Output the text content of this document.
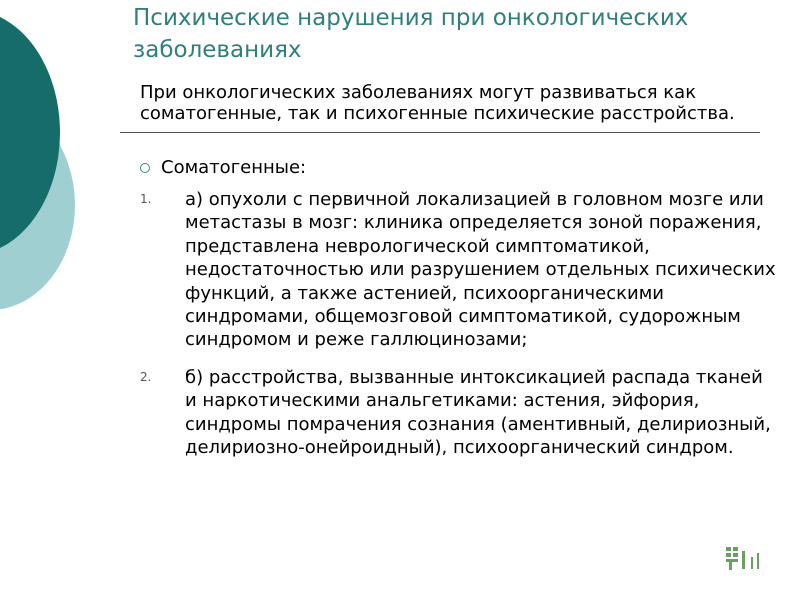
Психические нарушения при онкологических заболеваниях

При онкологических заболеваниях могут развиваться как соматогенные, так и психогенные психические расстройства.

Соматогенные:
1. а) опухоли с первичной локализацией в головном мозге или метастазы в мозг: клиника определяется зоной поражения, представлена неврологической симптоматикой, недостаточностью или разрушением отдельных психических функций, а также астенией, психоорганическими синдромами, общемозговой симптоматикой, судорожным синдромом и реже галлюцинозами;
2. б) расстройства, вызванные интоксикацией распада тканей и наркотическими анальгетиками: астения, эйфория, синдромы помрачения сознания (аментивный, делириозный, делириозно-онейроидный), психоорганический синдром.
